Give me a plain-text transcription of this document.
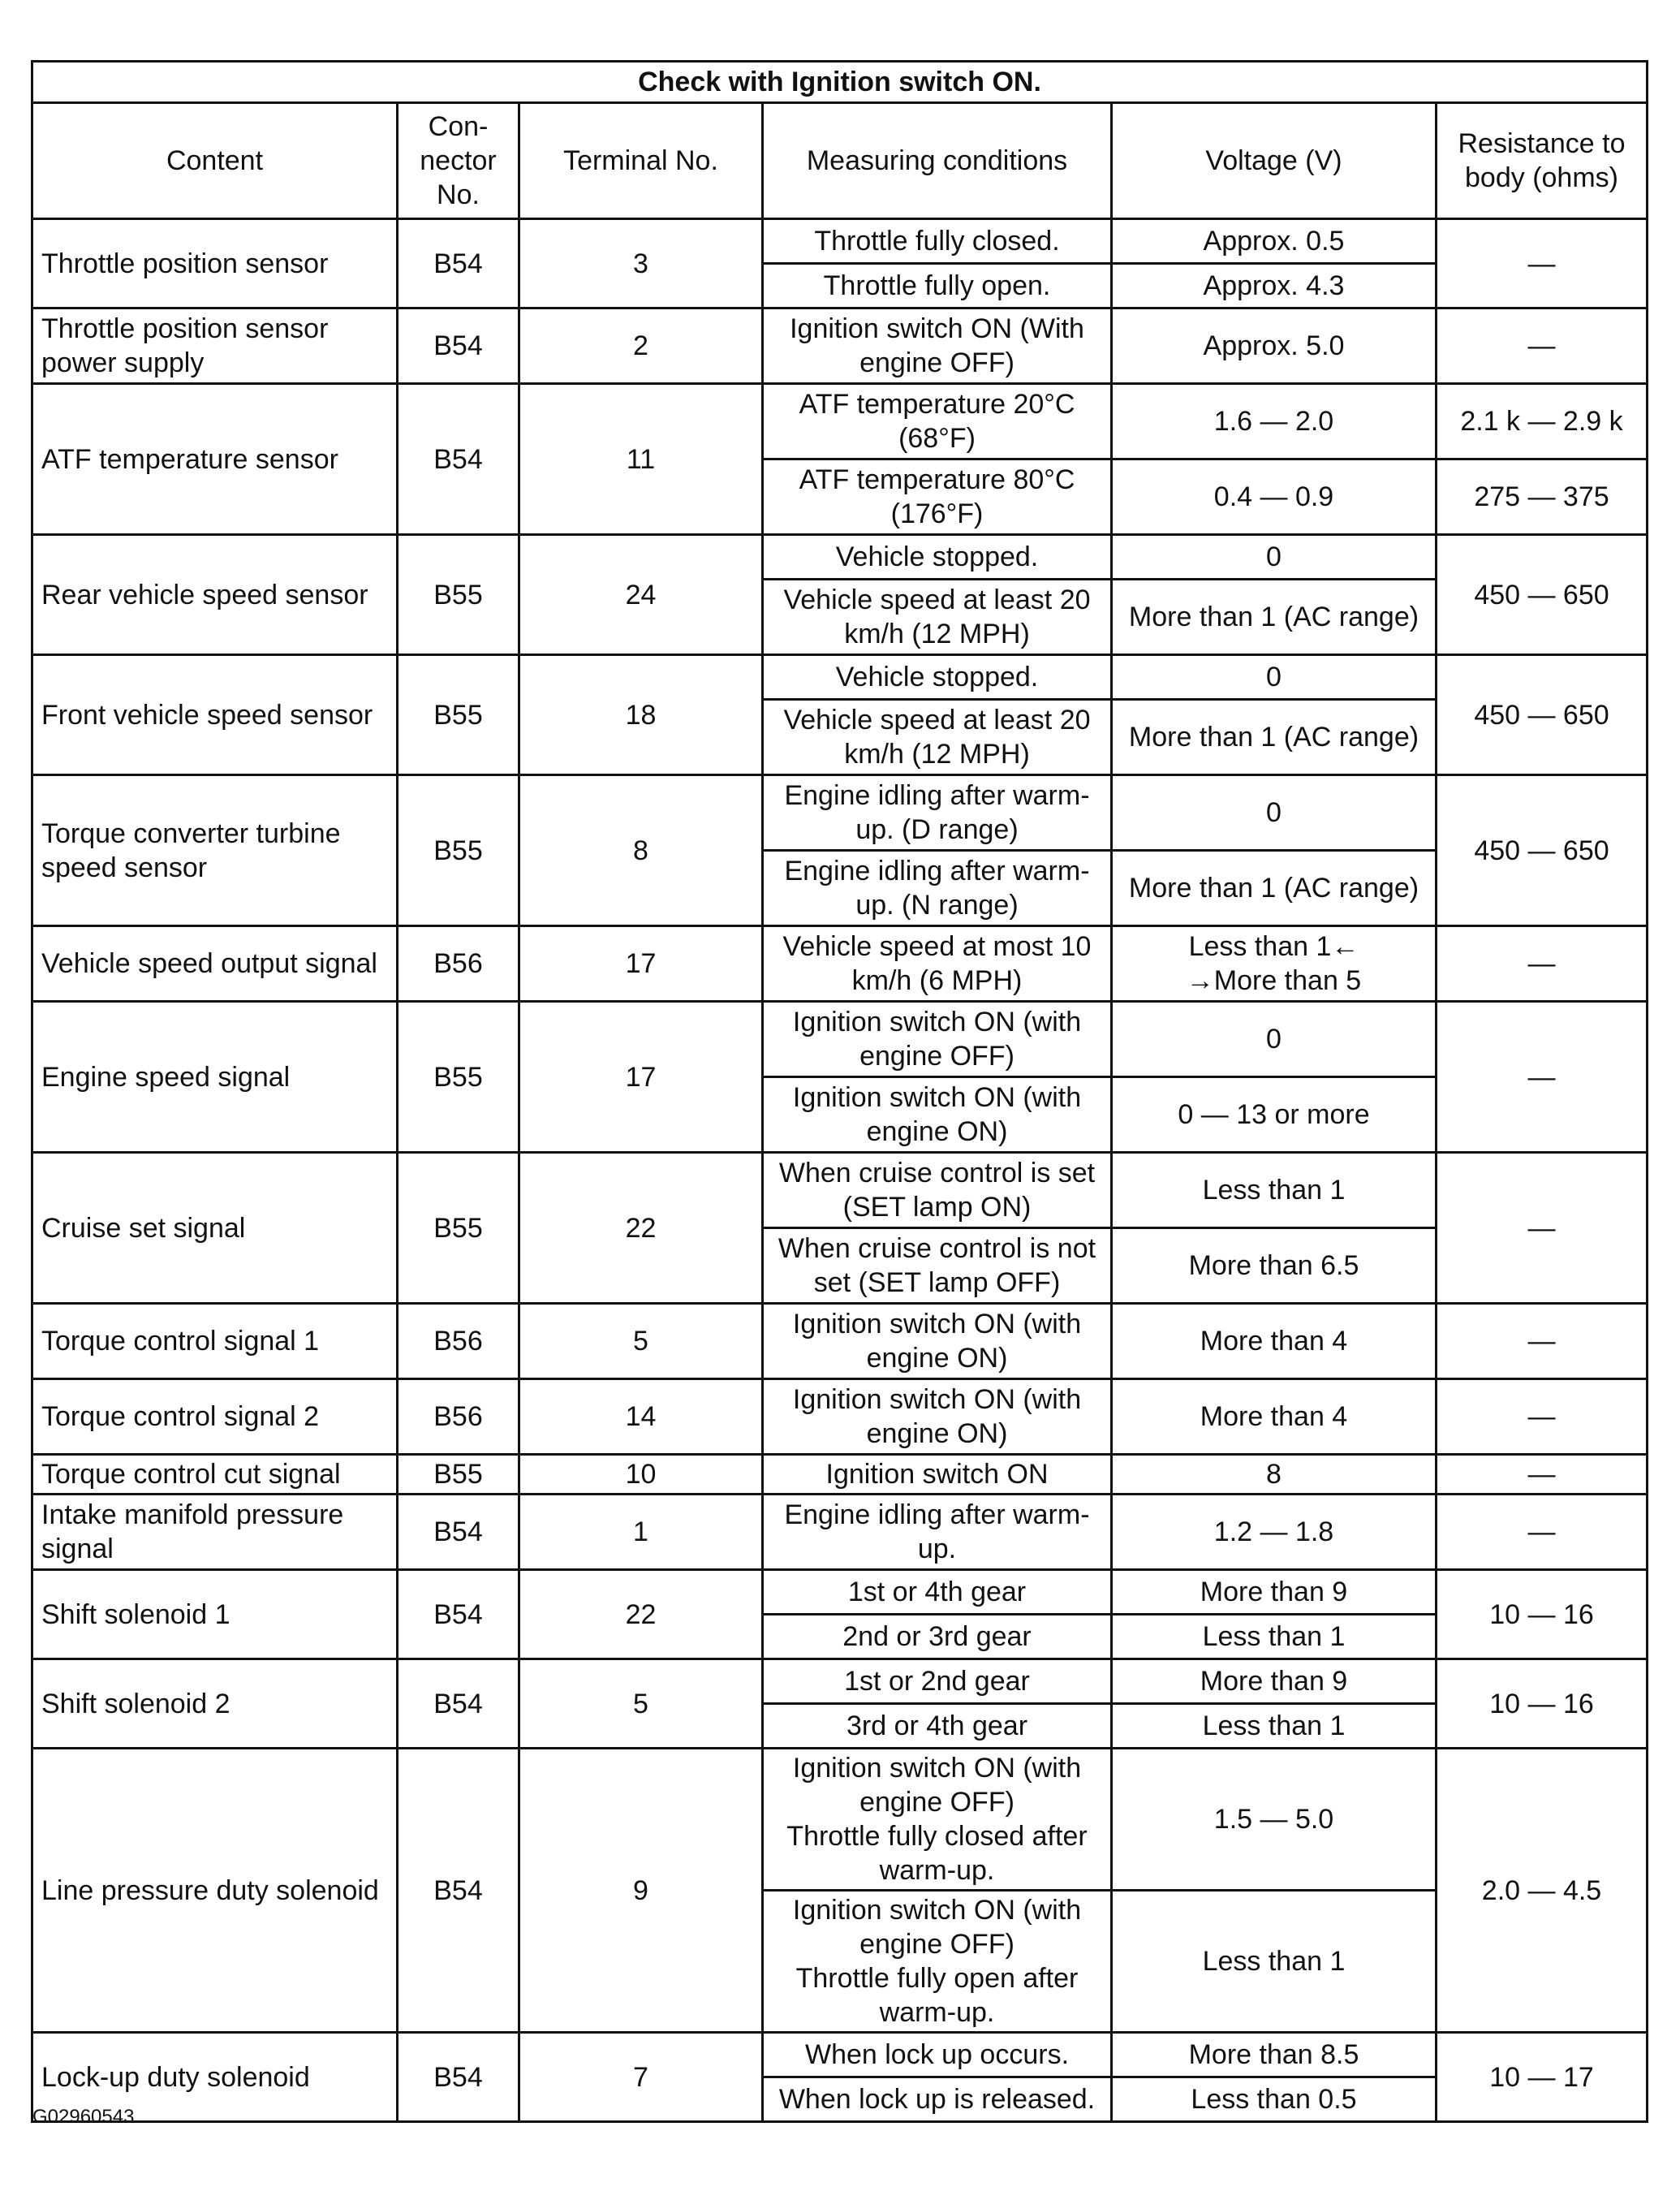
Check with Ignition switch ON.					
Content	Con-
nector
No.	Terminal No.	Measuring conditions	Voltage (V)	Resistance to
body (ohms)
Throttle position sensor	B54	3	Throttle fully closed.	Approx. 0.5	—
			Throttle fully open.	Approx. 4.3	
Throttle position sensor
power supply	B54	2	Ignition switch ON (With
engine OFF)	Approx. 5.0	—
ATF temperature sensor	B54	11	ATF temperature 20°C
(68°F)	1.6 — 2.0	2.1 k — 2.9 k
			ATF temperature 80°C
(176°F)	0.4 — 0.9	275 — 375
Rear vehicle speed sensor	B55	24	Vehicle stopped.	0	450 — 650
			Vehicle speed at least 20
km/h (12 MPH)	More than 1 (AC range)	
Front vehicle speed sensor	B55	18	Vehicle stopped.	0	450 — 650
			Vehicle speed at least 20
km/h (12 MPH)	More than 1 (AC range)	
Torque converter turbine
speed sensor	B55	8	Engine idling after warm-
up. (D range)	0	450 — 650
			Engine idling after warm-
up. (N range)	More than 1 (AC range)	
Vehicle speed output signal	B56	17	Vehicle speed at most 10
km/h (6 MPH)	Less than 1←
→More than 5	—
Engine speed signal	B55	17	Ignition switch ON (with
engine OFF)	0	—
			Ignition switch ON (with
engine ON)	0 — 13 or more	
Cruise set signal	B55	22	When cruise control is set
(SET lamp ON)	Less than 1	—
			When cruise control is not
set (SET lamp OFF)	More than 6.5	
Torque control signal 1	B56	5	Ignition switch ON (with
engine ON)	More than 4	—
Torque control signal 2	B56	14	Ignition switch ON (with
engine ON)	More than 4	—
Torque control cut signal	B55	10	Ignition switch ON	8	—
Intake manifold pressure
signal	B54	1	Engine idling after warm-
up.	1.2 — 1.8	—
Shift solenoid 1	B54	22	1st or 4th gear	More than 9	10 — 16
			2nd or 3rd gear	Less than 1	
Shift solenoid 2	B54	5	1st or 2nd gear	More than 9	10 — 16
			3rd or 4th gear	Less than 1	
Line pressure duty solenoid	B54	9	Ignition switch ON (with
engine OFF)
Throttle fully closed after
warm-up.	1.5 — 5.0	2.0 — 4.5
			Ignition switch ON (with
engine OFF)
Throttle fully open after
warm-up.	Less than 1	
Lock-up duty solenoid	B54	7	When lock up occurs.	More than 8.5	10 — 17
			When lock up is released.	Less than 0.5	
G02960543
